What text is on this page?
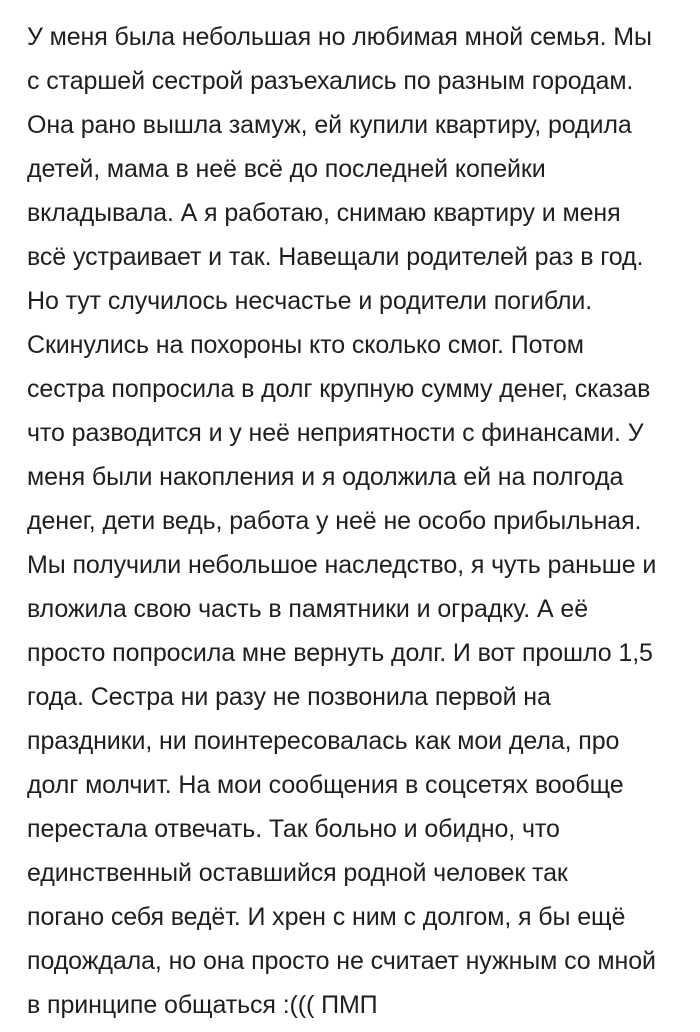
У меня была небольшая но любимая мной семья. Мы
с старшей сестрой разъехались по разным городам.
Она рано вышла замуж, ей купили квартиру, родила
детей, мама в неё всё до последней копейки
вкладывала. А я работаю, снимаю квартиру и меня
всё устраивает и так. Навещали родителей раз в год.
Но тут случилось несчастье и родители погибли.
Скинулись на похороны кто сколько смог. Потом
сестра попросила в долг крупную сумму денег, сказав
что разводится и у неё неприятности с финансами. У
меня были накопления и я одолжила ей на полгода
денег, дети ведь, работа у неё не особо прибыльная.
Мы получили небольшое наследство, я чуть раньше и
вложила свою часть в памятники и оградку. А её
просто попросила мне вернуть долг. И вот прошло 1,5
года. Сестра ни разу не позвонила первой на
праздники, ни поинтересовалась как мои дела, про
долг молчит. На мои сообщения в соцсетях вообще
перестала отвечать. Так больно и обидно, что
единственный оставшийся родной человек так
погано себя ведёт. И хрен с ним с долгом, я бы ещё
подождала, но она просто не считает нужным со мной
в принципе общаться :((( ПМП
